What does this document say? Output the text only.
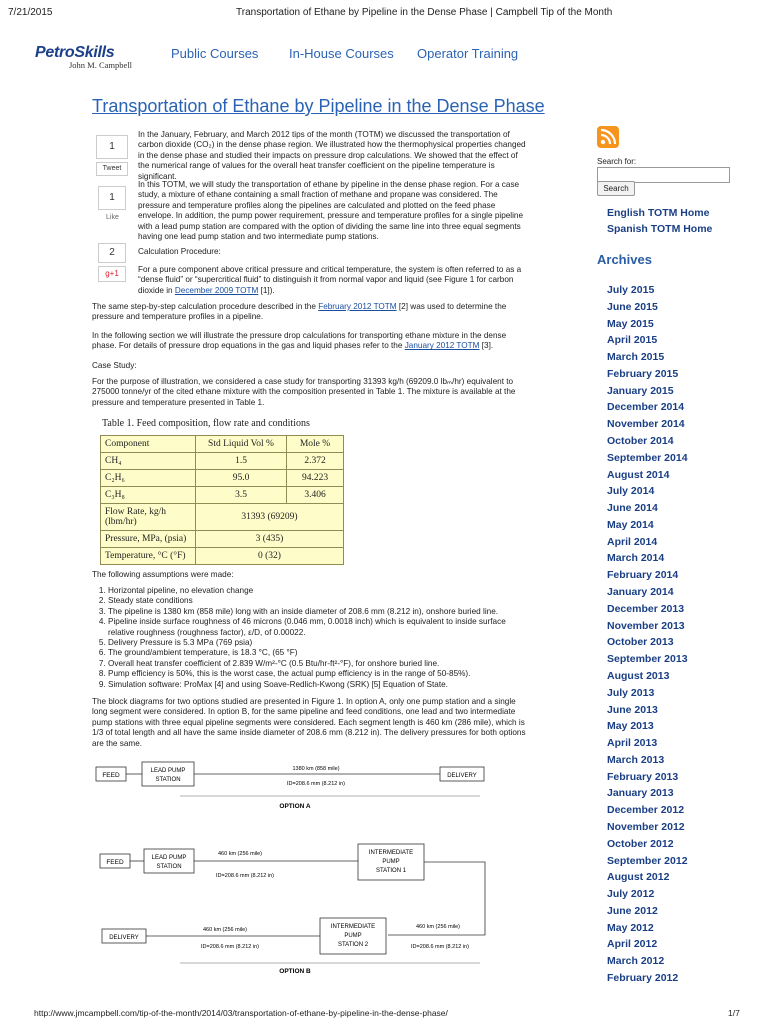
7/21/2015	Transportation of Ethane by Pipeline in the Dense Phase | Campbell Tip of the Month
PetroSkills
John M. Campbell
Public Courses In-House Courses Operator Training
Transportation of Ethane by Pipeline in the Dense Phase
1
Tweet
1
Like
2
g+1
In the January, February, and March 2012 tips of the month (TOTM) we discussed the transportation of carbon dioxide (CO₂) in the dense phase region. We illustrated how the thermophysical properties changed in the dense phase and studied their impacts on pressure drop calculations. We showed that the effect of the numerical range of values for the overall heat transfer coefficient on the pipeline temperature is significant.
In this TOTM, we will study the transportation of ethane by pipeline in the dense phase region. For a case study, a mixture of ethane containing a small fraction of methane and propane was considered. The pressure and temperature profiles along the pipelines are calculated and plotted on the feed phase envelope. In addition, the pump power requirement, pressure and temperature profiles for a single pipeline with a lead pump station are compared with the option of dividing the same line into three equal segments having one lead pump station and two intermediate pump stations.
Calculation Procedure:
For a pure component above critical pressure and critical temperature, the system is often referred to as a “dense fluid” or “supercritical fluid” to distinguish it from normal vapor and liquid (see Figure 1 for carbon dioxide in December 2009 TOTM [1]).
The same step-by-step calculation procedure described in the February 2012 TOTM [2] was used to determine the pressure and temperature profiles in a pipeline.
In the following section we will illustrate the pressure drop calculations for transporting ethane mixture in the dense phase. For details of pressure drop equations in the gas and liquid phases refer to the January 2012 TOTM [3].
Case Study:
For the purpose of illustration, we considered a case study for transporting 31393 kg/h (69209.0 lbₘ/hr) equivalent to 275000 tonne/yr of the cited ethane mixture with the composition presented in Table 1. The mixture is available at the pressure and temperature presented in Table 1.
Table 1. Feed composition, flow rate and conditions
Component	Std Liquid Vol %	Mole %
CH₄	1.5	2.372
C₂H₆	95.0	94.223
C₃H₈	3.5	3.406
Flow Rate, kg/h (lbm/hr)	31393 (69209)	
Pressure, MPa, (psia)	3 (435)	
Temperature, °C (°F)	0 (32)	
The following assumptions were made:
1. Horizontal pipeline, no elevation change
2. Steady state conditions
3. The pipeline is 1380 km (858 mile) long with an inside diameter of 208.6 mm (8.212 in), onshore buried line.
4. Pipeline inside surface roughness of 46 microns (0.046 mm, 0.0018 inch) which is equivalent to inside surface relative roughness (roughness factor), ε/D, of 0.00022.
5. Delivery Pressure is 5.3 MPa (769 psia)
6. The ground/ambient temperature, is 18.3 °C, (65 °F)
7. Overall heat transfer coefficient of 2.839 W/m²-°C (0.5 Btu/hr-ft²-°F), for onshore buried line.
8. Pump efficiency is 50%, this is the worst case, the actual pump efficiency is in the range of 50-85%).
9. Simulation software: ProMax [4] and using Soave-Redlich-Kwong (SRK) [5] Equation of State.
The block diagrams for two options studied are presented in Figure 1. In option A, only one pump station and a single long segment were considered. In option B, for the same pipeline and feed conditions, one lead and two intermediate pump stations with three equal pipeline segments were considered. Each segment length is 460 km (286 mile), which is 1/3 of total length and all have the same inside diameter of 208.6 mm (8.212 in). The delivery pressures for both options are the same.
FEED
LEAD PUMP
STATION
1380 km (858 mile)
ID=208.6 mm (8.212 in)
DELIVERY
OPTION A
FEED
LEAD PUMP
STATION
460 km (256 mile)
ID=208.6 mm (8.212 in)
INTERMEDIATE
PUMP
STATION 1
460 km (256 mile)
ID=208.6 mm (8.212 in)
INTERMEDIATE
PUMP
STATION 2
460 km (256 mile)
ID=208.6 mm (8.212 in)
DELIVERY
OPTION B
Search for:
Search
English TOTM Home
Spanish TOTM Home
Archives
July 2015
June 2015
May 2015
April 2015
March 2015
February 2015
January 2015
December 2014
November 2014
October 2014
September 2014
August 2014
July 2014
June 2014
May 2014
April 2014
March 2014
February 2014
January 2014
December 2013
November 2013
October 2013
September 2013
August 2013
July 2013
June 2013
May 2013
April 2013
March 2013
February 2013
January 2013
December 2012
November 2012
October 2012
September 2012
August 2012
July 2012
June 2012
May 2012
April 2012
March 2012
February 2012
http://www.jmcampbell.com/tip-of-the-month/2014/03/transportation-of-ethane-by-pipeline-in-the-dense-phase/	1/7
